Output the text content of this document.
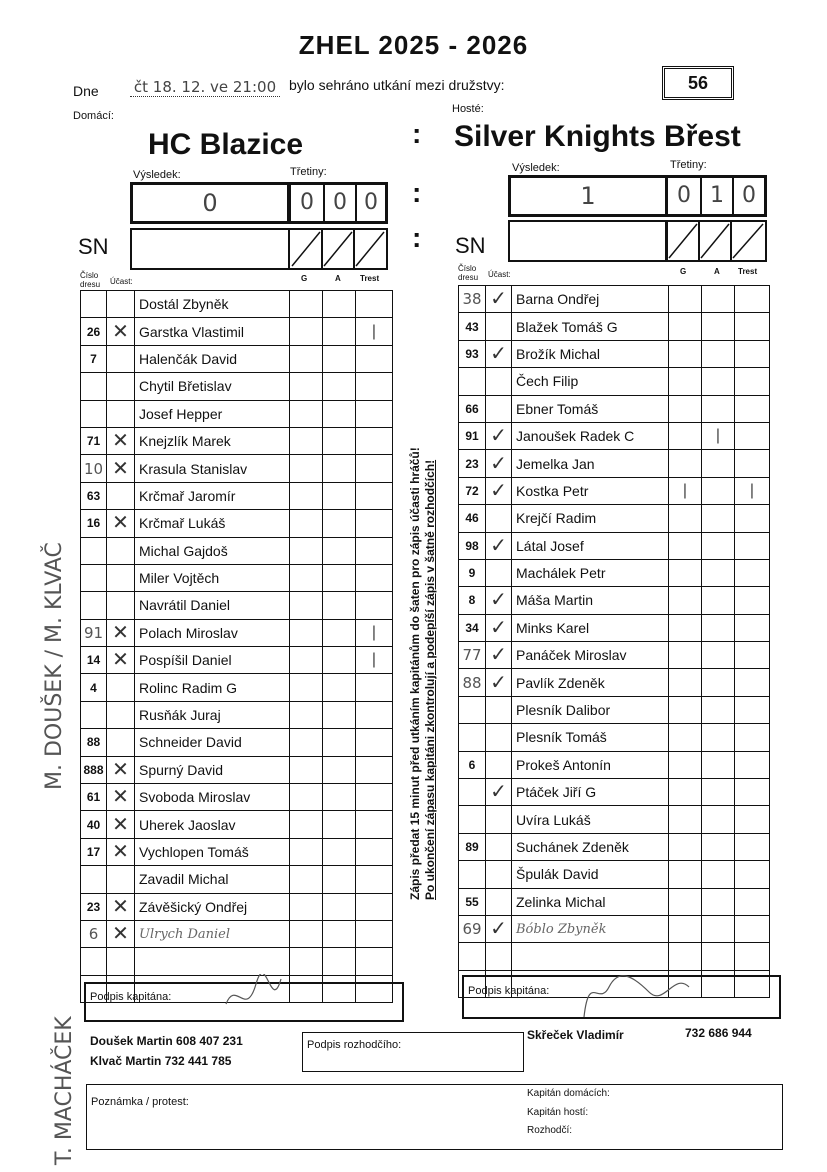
ZHEL 2025 - 2026
Dne čt 18. 12. ve 21:00 bylo sehráno utkání mezi družstvy:	56
Domácí:
Hosté:
HC Blazice	Silver Knights Břest
:
:
:
Výsledek:	Třetiny:
0	0 0 0
SN
Výsledek:	Třetiny:
1	0 1 0
SN
Číslo dresu	Účast:	G	A Trest
Číslo dresu	Účast:	G	A Trest
		Dostál Zbyněk			
26	✕	Garstka Vlastimil			|
7		Halenčák David			
		Chytil Břetislav			
		Josef Hepper			
71	✕	Knejzlík Marek			
10	✕	Krasula Stanislav			
63		Krčmař Jaromír			
16	✕	Krčmař Lukáš			
		Michal Gajdoš			
		Miler Vojtěch			
		Navrátil Daniel			
91	✕	Polach Miroslav			|
14	✕	Pospíšil Daniel			|
4		Rolinc Radim G			
		Rusňák Juraj			
88		Schneider David			
888	✕	Spurný David			
61	✕	Svoboda Miroslav			
40	✕	Uherek Jaoslav			
17	✕	Vychlopen Tomáš			
		Zavadil Michal			
23	✕	Závěšický Ondřej			
6	✕	Ulrych Daniel			

38	✓	Barna Ondřej			
43		Blažek Tomáš G			
93	✓	Brožík Michal			
		Čech Filip			
66		Ebner Tomáš			
91	✓	Janoušek Radek C		|	
23	✓	Jemelka Jan			
72	✓	Kostka Petr	|		|
46		Krejčí Radim			
98	✓	Látal Josef			
9		Machálek Petr			
8	✓	Máša Martin			
34	✓	Minks Karel			
77	✓	Panáček Miroslav			
88	✓	Pavlík Zdeněk			
		Plesník Dalibor			
		Plesník Tomáš			
6		Prokeš Antonín			
	✓	Ptáček Jiří G			
		Uvíra Lukáš			
89		Suchánek Zdeněk			
		Špulák David			
55		Zelinka Michal			
69	✓	Bóblo Zbyněk			

Zápis předat 15 minut před utkáním kapitánům do šaten pro zápis účasti hráčů! Po ukončení zápasu kapitáni zkontrolují a podepíší zápis v šatně rozhodčích!
Podpis kapitána:	Podpis kapitána:
Doušek Martin 608 407 231
Klvač Martin 732 441 785
Podpis rozhodčího:
Skřeček Vladimír	732 686 944
Poznámka / protest:
Kapitán domácích:
Kapitán hostí:
Rozhodčí:
M. DOUŠEK / M. KLVAČ
T. MACHÁČEK
